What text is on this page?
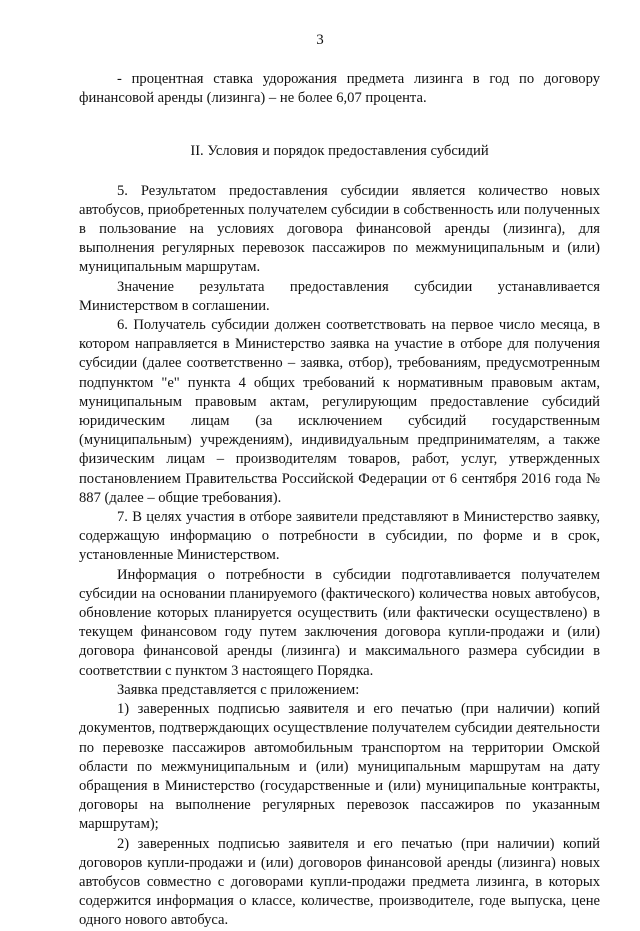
3

- процентная ставка удорожания предмета лизинга в год по договору финансовой аренды (лизинга) – не более 6,07 процента.

II. Условия и порядок предоставления субсидий

5. Результатом предоставления субсидии является количество новых автобусов, приобретенных получателем субсидии в собственность или полученных в пользование на условиях договора финансовой аренды (лизинга), для выполнения регулярных перевозок пассажиров по межмуниципальным и (или) муниципальным маршрутам.

Значение результата предоставления субсидии устанавливается Министерством в соглашении.

6. Получатель субсидии должен соответствовать на первое число месяца, в котором направляется в Министерство заявка на участие в отборе для получения субсидии (далее соответственно – заявка, отбор), требованиям, предусмотренным подпунктом "е" пункта 4 общих требований к нормативным правовым актам, муниципальным правовым актам, регулирующим предоставление субсидий юридическим лицам (за исключением субсидий государственным (муниципальным) учреждениям), индивидуальным предпринимателям, а также физическим лицам – производителям товаров, работ, услуг, утвержденных постановлением Правительства Российской Федерации от 6 сентября 2016 года № 887 (далее – общие требования).

7. В целях участия в отборе заявители представляют в Министерство заявку, содержащую информацию о потребности в субсидии, по форме и в срок, установленные Министерством.

Информация о потребности в субсидии подготавливается получателем субсидии на основании планируемого (фактического) количества новых автобусов, обновление которых планируется осуществить (или фактически осуществлено) в текущем финансовом году путем заключения договора купли-продажи и (или) договора финансовой аренды (лизинга) и максимального размера субсидии в соответствии с пунктом 3 настоящего Порядка.

Заявка представляется с приложением:

1) заверенных подписью заявителя и его печатью (при наличии) копий документов, подтверждающих осуществление получателем субсидии деятельности по перевозке пассажиров автомобильным транспортом на территории Омской области по межмуниципальным и (или) муниципальным маршрутам на дату обращения в Министерство (государственные и (или) муниципальные контракты, договоры на выполнение регулярных перевозок пассажиров по указанным маршрутам);

2) заверенных подписью заявителя и его печатью (при наличии) копий договоров купли-продажи и (или) договоров финансовой аренды (лизинга) новых автобусов совместно с договорами купли-продажи предмета лизинга, в которых содержится информация о классе, количестве, производителе, годе выпуска, цене одного нового автобуса.
